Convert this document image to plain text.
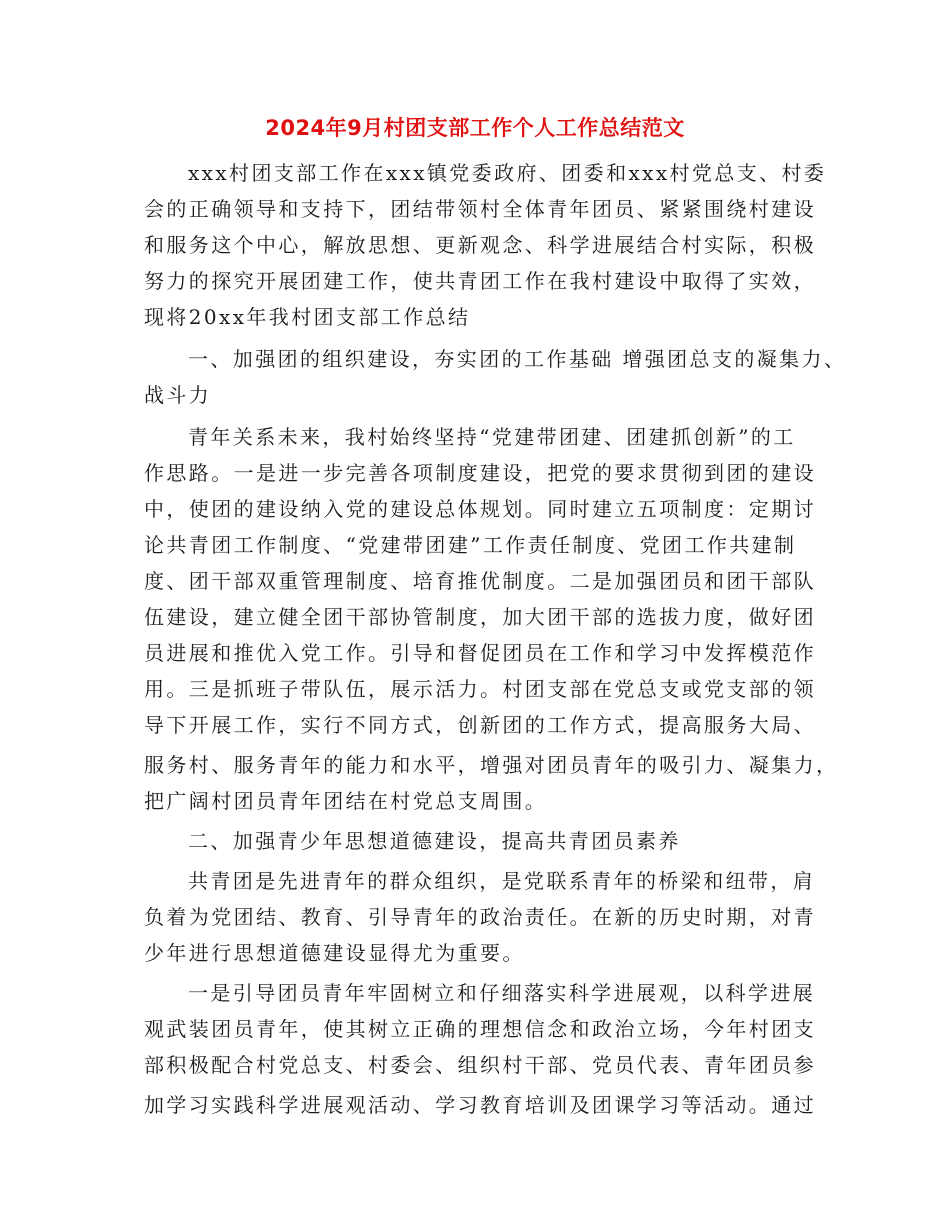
2024年9月村团支部工作个人工作总结范文
xxx村团支部工作在xxx镇党委政府、团委和xxx村党总支、村委
会的正确领导和支持下，团结带领村全体青年团员、紧紧围绕村建设
和服务这个中心，解放思想、更新观念、科学进展结合村实际，积极
努力的探究开展团建工作，使共青团工作在我村建设中取得了实效，
现将20xx年我村团支部工作总结
一、加强团的组织建设，夯实团的工作基础 增强团总支的凝集力、
战斗力
青年关系未来，我村始终坚持“党建带团建、团建抓创新”的工
作思路。一是进一步完善各项制度建设，把党的要求贯彻到团的建设
中，使团的建设纳入党的建设总体规划。同时建立五项制度：定期讨
论共青团工作制度、“党建带团建”工作责任制度、党团工作共建制
度、团干部双重管理制度、培育推优制度。二是加强团员和团干部队
伍建设，建立健全团干部协管制度，加大团干部的选拔力度，做好团
员进展和推优入党工作。引导和督促团员在工作和学习中发挥模范作
用。三是抓班子带队伍，展示活力。村团支部在党总支或党支部的领
导下开展工作，实行不同方式，创新团的工作方式，提高服务大局、
服务村、服务青年的能力和水平，增强对团员青年的吸引力、凝集力，
把广阔村团员青年团结在村党总支周围。
二、加强青少年思想道德建设，提高共青团员素养
共青团是先进青年的群众组织，是党联系青年的桥梁和纽带，肩
负着为党团结、教育、引导青年的政治责任。在新的历史时期，对青
少年进行思想道德建设显得尤为重要。
一是引导团员青年牢固树立和仔细落实科学进展观，以科学进展
观武装团员青年，使其树立正确的理想信念和政治立场，今年村团支
部积极配合村党总支、村委会、组织村干部、党员代表、青年团员参
加学习实践科学进展观活动、学习教育培训及团课学习等活动。通过
